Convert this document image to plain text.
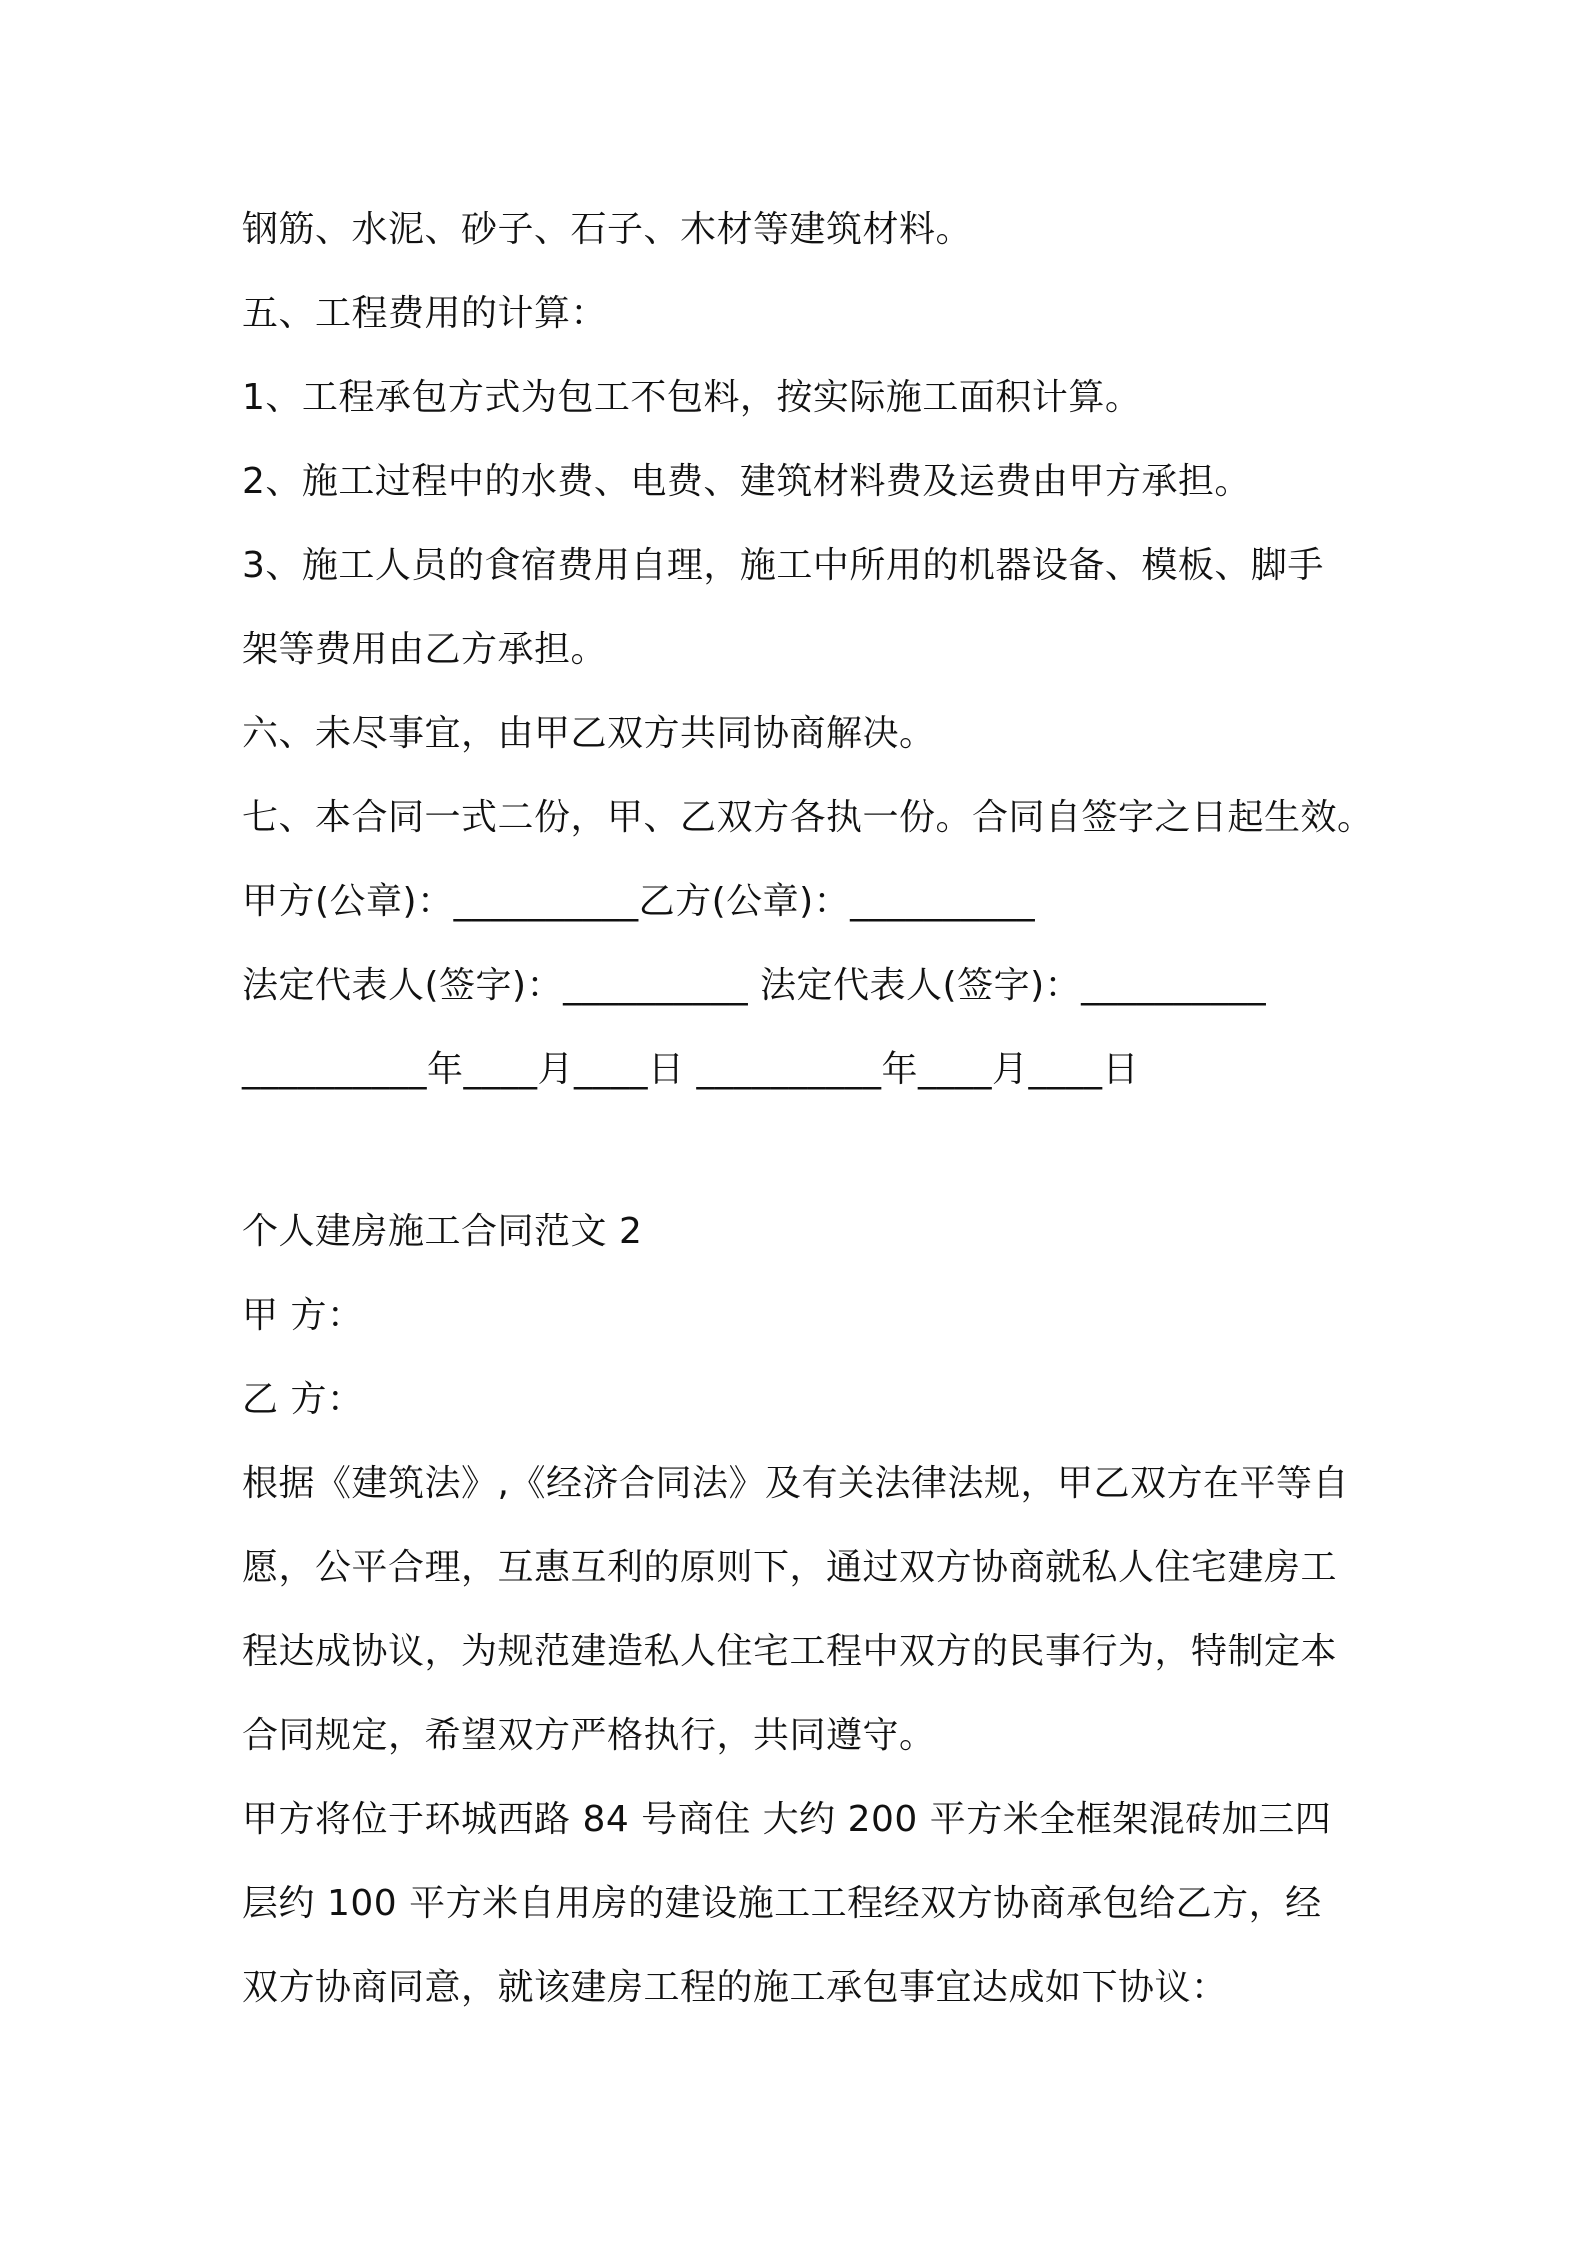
钢筋、水泥、砂子、石子、木材等建筑材料。
五、工程费用的计算：
1、工程承包方式为包工不包料，按实际施工面积计算。
2、施工过程中的水费、电费、建筑材料费及运费由甲方承担。
3、施工人员的食宿费用自理，施工中所用的机器设备、模板、脚手
架等费用由乙方承担。
六、未尽事宜，由甲乙双方共同协商解决。
七、本合同一式二份，甲、乙双方各执一份。合同自签字之日起生效。
甲方(公章)：__________乙方(公章)：__________
法定代表人(签字)：__________ 法定代表人(签字)：__________
__________年____月____日 __________年____月____日
个人建房施工合同范文 2
甲 方：
乙 方：
根据《建筑法》,《经济合同法》及有关法律法规，甲乙双方在平等自
愿，公平合理，互惠互利的原则下，通过双方协商就私人住宅建房工
程达成协议，为规范建造私人住宅工程中双方的民事行为，特制定本
合同规定，希望双方严格执行，共同遵守。
甲方将位于环城西路 84 号商住 大约 200 平方米全框架混砖加三四
层约 100 平方米自用房的建设施工工程经双方协商承包给乙方，经
双方协商同意，就该建房工程的施工承包事宜达成如下协议：
